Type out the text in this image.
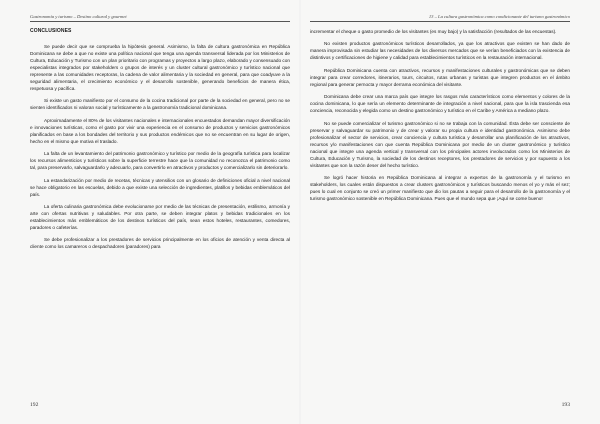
Gastronomía y turismo – Destino cultural y gourmet
CONCLUSIONES

Se puede decir que se comprueba la hipótesis general. Asimismo, la falta de cultura gastronómica en República Dominicana se debe a que no existe una política nacional que tenga una agenda transversal liderada por los Ministerios de Cultura, Educación y Turismo con un plan prioritario con programas y proyectos a largo plazo, elaborado y consensuado con especialistas integrados por stakeholders o grupos de interés y un cluster cultural gastronómico y turístico nacional que represente a las comunidades receptoras, la cadena de valor alimentaria y la sociedad en general, para que coadyuve a la seguridad alimentaria, el crecimiento económico y el desarrollo sostenible, generando beneficios de manera ética, respetuosa y pacífica.

Si existe un gasto manifiesto por el consumo de la cocina tradicional por parte de la sociedad en general, pero no se sienten identificados ni valoran social y turísticamente a la gastronomía tradicional dominicana.

Aproximadamente el 80% de los visitantes nacionales e internacionales encuestados demandan mayor diversificación e innovaciones turísticas, como el gasto por vivir una experiencia en el consumo de productos y servicios gastronómicos planificados en base a los bondades del territorio y sus productos endémicos que no se encuentran en su lugar de origen, hecho en el mismo que motiva el traslado.

La falta de un levantamiento del patrimonio gastronómico y turístico por medio de la geografía turística para localizar los recursos alimenticios y turísticos sobre la superficie terrestre hace que la comunidad no reconozca el patrimonio como tal, para preservarlo, salvaguardarlo y adecuarlo, para convertirlo en atractivos y productos y comercializarlo sin deteriorarlo.

La estandarización por medio de recetas, técnicas y utensilios con un glosario de definiciones oficial a nivel nacional se hace obligatorio en las escuelas, debido a que existe una selección de ingredientes, platillos y bebidas emblemáticos del país.

La oferta culinaria gastronómica debe evolucionarse por medio de las técnicas de presentación, estilismo, armonía y arte con ofertas nutritivas y saludables. Por otra parte, se deben integrar platos y bebidas tradicionales en los establecimientos más emblemáticos de los destinos turísticos del país, sean estos hoteles, restaurantes, comedores, paradores o cafeterías.

Se debe profesionalizar a los prestadores de servicios principalmente en los oficios de atención y venta directa al cliente como los camareros o despachadores (paradores) para

192
13 – La cultura gastronómica como condicionante del turismo gastronómico

incrementar el cheque o gasto promedio de los visitantes (es muy bajo) y la satisfacción (resultados de las encuestas).

No existen productos gastronómicos turísticos desarrollados, ya que los atractivos que existen se han dado de manera improvisada sin estudiar las necesidades de los diversos mercados que se verían beneficiados con la existencia de distintivos y certificaciones de higiene y calidad para establecimientos turísticos en la restauración internacional.

República Dominicana cuenta con atractivos, recursos y manifestaciones culturales y gastronómicas que se deben integrar para crear corredores, itinerarios, tours, circuitos, rutas urbanas y turistas que integren productos en el ámbito regional para generar pernocta y mayor derrama económica del visitante.

Dominicana debe crear una marca país que integre los rasgos más característicos como elementos y colores de la cocina dominicana, lo que sería un elemento determinante de integración a nivel nacional, para que la isla trascienda esa conciencia, reconocida y elegida como un destino gastronómico y turístico en el Caribe y América a mediano plazo.

No se puede comercializar el turismo gastronómico si no se trabaja con la comunidad. Ésta debe ser consciente de preservar y salvaguardar su patrimonio y de crear y valorar su propia cultura e identidad gastronómica. Asimismo debe profesionalizar el sector de servicios, crear conciencia y cultura turística y desarrollar una planificación de los atractivos, recursos y/o manifestaciones con que cuenta República Dominicana por medio de un cluster gastronómico y turístico nacional que integre una agenda vertical y transversal con los principales actores involucrados como los Ministerios de Cultura, Educación y Turismo, la sociedad de los destinos receptores, los prestadores de servicios y por supuesto a los visitantes que son la razón deser del hecho turístico.

Se logró hacer historia en República Dominicana al integrar a expertos de la gastronomía y el turismo en stakeholders, los cuales están dispuestos a crear clusters gastronómicos y turísticos buscando menos el yo y más el sez; pues lo cual en conjunto se creó un primer manifiesto que dio los pautas a seguir para el desarrollo de la gastronomía y el turismo gastronómico sostenible en República Dominicana. Pues que el mundo sepa que ¡Aquí se come bueno!

193
